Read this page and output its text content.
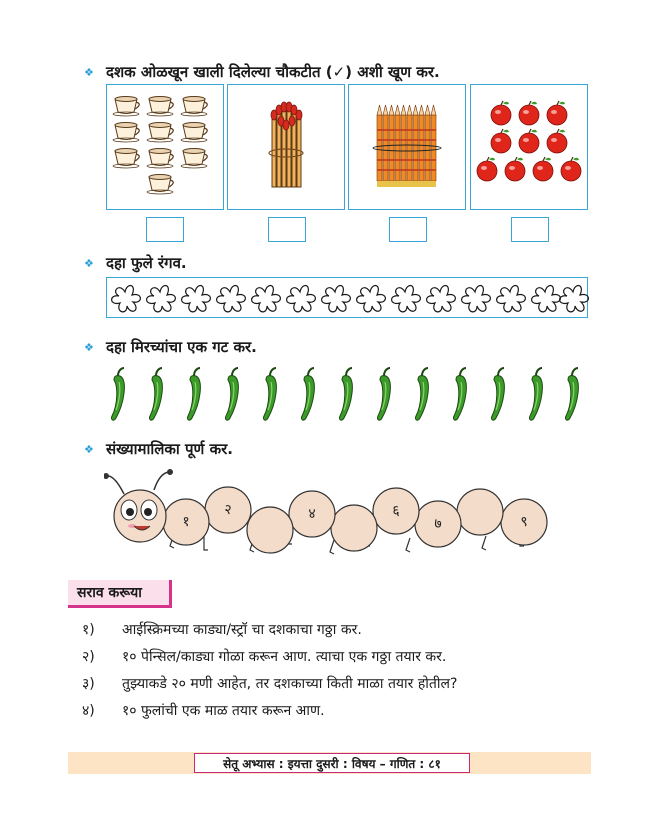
❖ दशक ओळखून खाली दिलेल्या चौकटीत (✓) अशी खूण कर.
❖ दहा फुले रंगव.
❖ दहा मिरच्यांचा एक गट कर.
❖ संख्यामालिका पूर्ण कर.
१
२	४	६
७	९
सराव करूया
१)	आईस्क्रिमच्या काड्या/स्ट्रॉ चा दशकाचा गठ्ठा कर.
२)	१० पेन्सिल/काड्या गोळा करून आण. त्याचा एक गठ्ठा तयार कर.
३)	तुझ्याकडे २० मणी आहेत, तर दशकाच्या किती माळा तयार होतील?
४)	१० फुलांची एक माळ तयार करून आण.
सेतू अभ्यास : इयत्ता दुसरी : विषय – गणित : ८१
